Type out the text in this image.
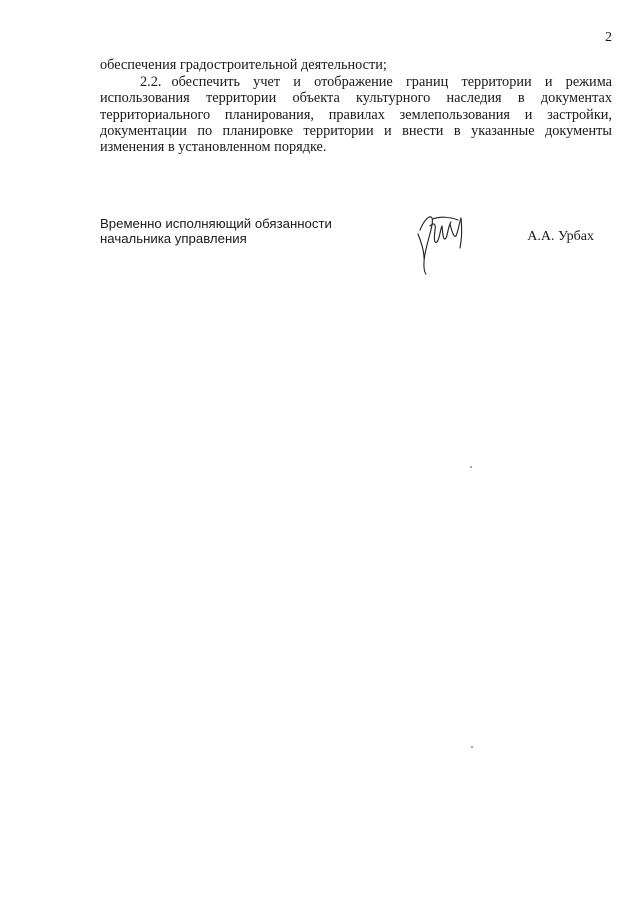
2

обеспечения градостроительной деятельности;

2.2. обеспечить учет и отображение границ территории и режима использования территории объекта культурного наследия в документах территориального планирования, правилах землепользования и застройки, документации по планировке территории и внести в указанные документы изменения в установленном порядке.

Временно исполняющий обязанности
начальника управления	А.А. Урбах
